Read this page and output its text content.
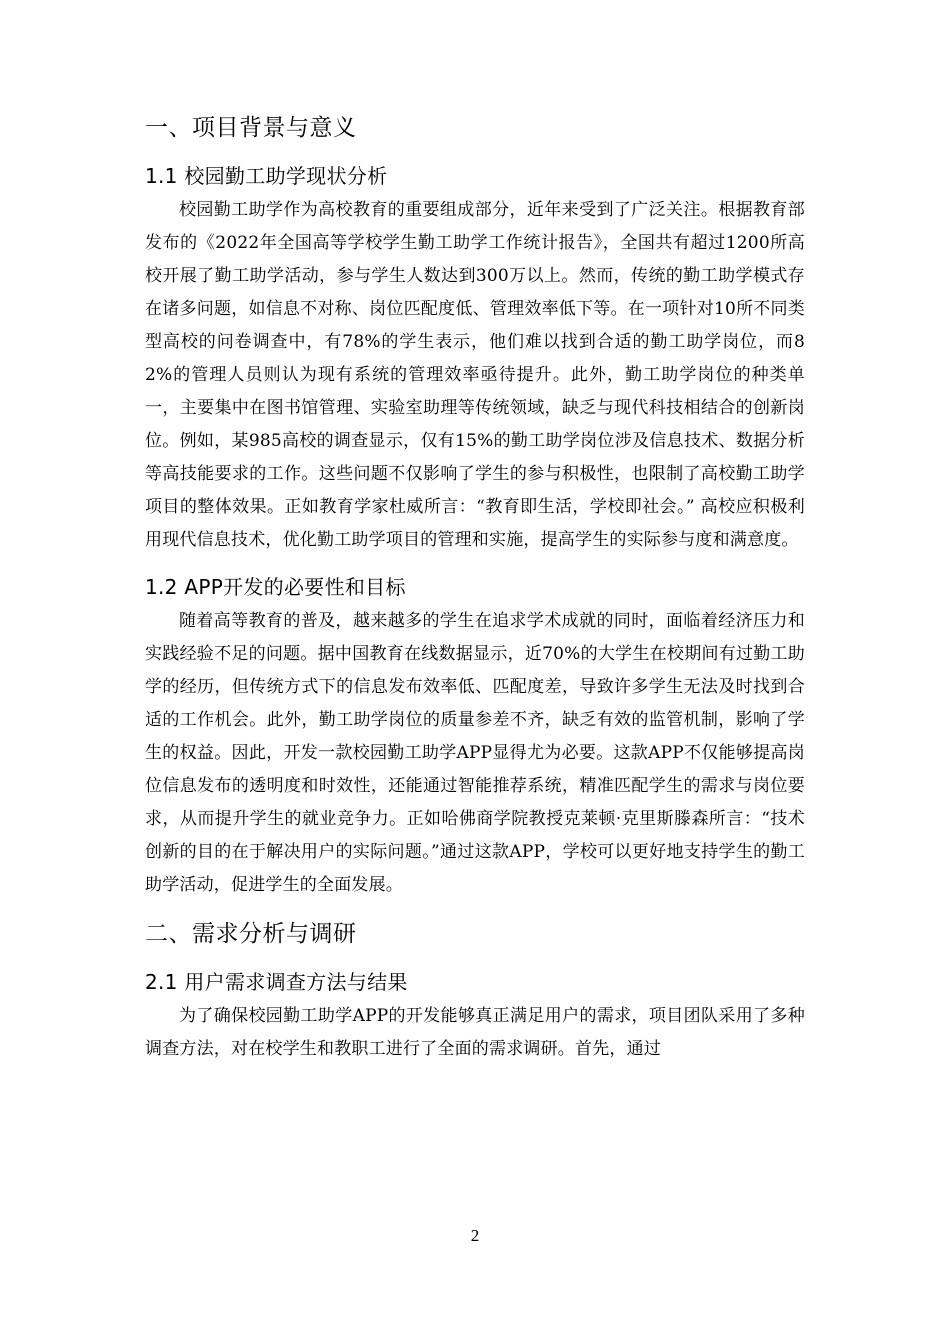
一、项目背景与意义
1.1 校园勤工助学现状分析

校园勤工助学作为高校教育的重要组成部分，近年来受到了广泛关注。根据教育部发布的《2022年全国高等学校学生勤工助学工作统计报告》，全国共有超过1200所高校开展了勤工助学活动，参与学生人数达到300万以上。然而，传统的勤工助学模式存在诸多问题，如信息不对称、岗位匹配度低、管理效率低下等。在一项针对10所不同类型高校的问卷调查中，有78%的学生表示，他们难以找到合适的勤工助学岗位，而82%的管理人员则认为现有系统的管理效率亟待提升。此外，勤工助学岗位的种类单一，主要集中在图书馆管理、实验室助理等传统领域，缺乏与现代科技相结合的创新岗位。例如，某985高校的调查显示，仅有15%的勤工助学岗位涉及信息技术、数据分析等高技能要求的工作。这些问题不仅影响了学生的参与积极性，也限制了高校勤工助学项目的整体效果。正如教育学家杜威所言：“教育即生活，学校即社会。” 高校应积极利用现代信息技术，优化勤工助学项目的管理和实施，提高学生的实际参与度和满意度。

1.2 APP开发的必要性和目标

随着高等教育的普及，越来越多的学生在追求学术成就的同时，面临着经济压力和实践经验不足的问题。据中国教育在线数据显示，近70%的大学生在校期间有过勤工助学的经历，但传统方式下的信息发布效率低、匹配度差，导致许多学生无法及时找到合适的工作机会。此外，勤工助学岗位的质量参差不齐，缺乏有效的监管机制，影响了学生的权益。因此，开发一款校园勤工助学APP显得尤为必要。这款APP不仅能够提高岗位信息发布的透明度和时效性，还能通过智能推荐系统，精准匹配学生的需求与岗位要求，从而提升学生的就业竞争力。正如哈佛商学院教授克莱顿·克里斯滕森所言：“技术创新的目的在于解决用户的实际问题。”通过这款APP，学校可以更好地支持学生的勤工助学活动，促进学生的全面发展。

二、需求分析与调研
2.1 用户需求调查方法与结果

为了确保校园勤工助学APP的开发能够真正满足用户的需求，项目团队采用了多种调查方法，对在校学生和教职工进行了全面的需求调研。首先，通过

2
